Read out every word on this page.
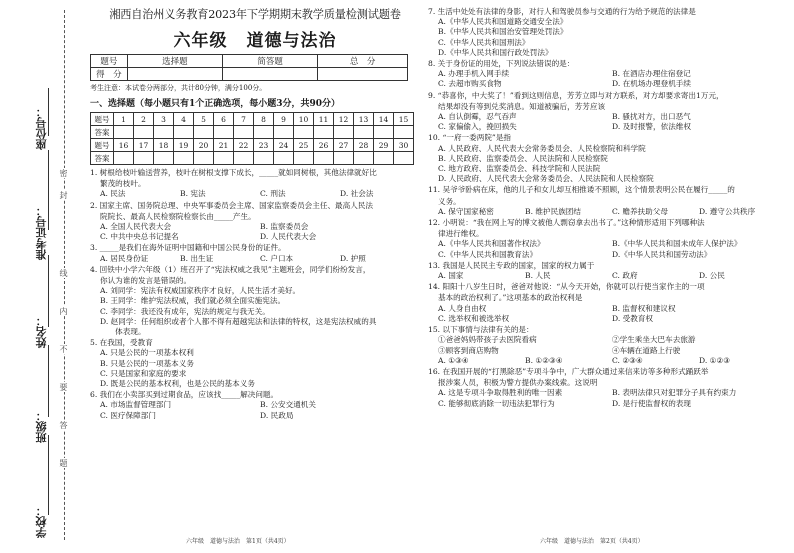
座位号：
准考证号：
姓名：
班级：
学校：
密
封
线
内
不
要
答
题
湘西自治州义务教育2023年下学期期末教学质量检测试题卷
六年级 道德与法治
题号	选择题	简答题	总　分
得　分			
考生注意：本试卷分两部分，共计80分钟，满分100分。
一、选择题（每小题只有1个正确选项，每小题3分，共90分）
题号	1	2	3	4	5	6	7	8	9	10	11	12	13	14	15
答案															
题号	16	17	18	19	20	21	22	23	24	25	26	27	28	29	30
答案															
1. 树根给枝叶输送营养，枝叶在树根支撑下成长，_____就如同树根，其他法律就好比
繁茂的枝叶。
A. 民法	B. 宪法	C. 刑法	D. 社会法
2. 国家主席、国务院总理、中央军事委员会主席、国家监察委员会主任、最高人民法
院院长、最高人民检察院检察长由_____产生。
A. 全国人民代表大会	B. 监察委员会
C. 中共中央总书记提名	D. 人民代表大会
3. _____是我们在海外证明中国籍和中国公民身份的证件。
A. 居民身份证	B. 出生证	C. 户口本	D. 护照
4. 回铁中小学六年级（1）班召开了“宪法权威之我见”主题班会，同学们纷纷发言，
你认为谁的发言是错误的。
A. 刘同学：宪法有权威国家秩序才良好，人民生活才美好。
B. 王同学：维护宪法权威，我们就必须全面实施宪法。
C. 李同学：我还没有成年，宪法的规定与我无关。
D. 赵同学：任何组织或者个人都不得有超越宪法和法律的特权，这是宪法权威的具
　　体表现。
5. 在我国，受教育
A. 只是公民的一项基本权利
B. 只是公民的一项基本义务
C. 只是国家和家庭的要求
D. 既是公民的基本权利，也是公民的基本义务
6. 我们在小卖部买到过期食品，应该找_____解决问题。
A. 市场监督管理部门	B. 公安交通机关
C. 医疗保障部门	D. 民政局
7. 生活中处处有法律的身影，对行人和驾驶员参与交通的行为给予规范的法律是
A.《中华人民共和国道路交通安全法》
B.《中华人民共和国治安管理处罚法》
C.《中华人民共和国刑法》
D.《中华人民共和国行政处罚法》
8. 关于身份证的用处，下列说法错误的是：
A. 办理手机入网手续	B. 在酒店办理住宿登记
C. 去超市购买食物	D. 在机场办理登机手续
9. “恭喜你，中大奖了！”看到这则信息，芳芳立即与对方联系，对方却要求寄出1万元，
结果却没有等到兑奖消息。知道被骗后，芳芳应该
A. 自认倒霉，忍气吞声	B. 骚扰对方，出口恶气
C. 家偏偷入，挽回损失	D. 及时报警，依法维权
10. “一府一委两院”是指
A. 人民政府、人民代表大会常务委员会、人民检察院和科学院
B. 人民政府、监察委员会、人民法院和人民检察院
C. 地方政府、监察委员会、科技学院和人民法院
D. 人民政府、人民代表大会常务委员会、人民法院和人民检察院
11. 吴爷爷卧病在床，他的儿子和女儿却互相推诿不照顾，这个情景表明公民在履行_____的
义务。
A. 保守国家秘密	B. 维护民族团结	C. 赡养扶助父母	D. 遵守公共秩序
12. 小明说：“我在网上写的博文被他人剽窃拿去出书了。”这种情形适用下列哪种法
律进行维权。
A.《中华人民共和国著作权法》	B.《中华人民共和国未成年人保护法》
C.《中华人民共和国教育法》	D.《中华人民共和国劳动法》
13. 我国是人民民主专政的国家，国家的权力属于
A. 国家	B. 人民	C. 政府	D. 公民
14. 阳阳十八岁生日时，爸爸对他说：“从今天开始，你就可以行使当家作主的一项
基本的政治权利了。”这项基本的政治权利是
A. 人身自由权	B. 监督权和建议权
C. 选举权和被选举权	D. 受教育权
15. 以下事情与法律有关的是：
①爸爸妈妈带孩子去医院看病	②学生乘坐大巴车去旅游
③顾客到商店购物	④车辆在道路上行驶
A. ①③④	B. ①②③④	C. ②③④	D. ①②③
16. 在我国开展的“打黑除恶”专项斗争中，广大群众通过来信来访等多种形式踊跃举
报涉案人员，积极为警方提供办案线索。这说明
A. 这是专项斗争取得胜利的唯一因素	B. 表明法律只对犯罪分子具有约束力
C. 能够彻底消除一切违法犯罪行为	D. 是行使监督权的表现
六年级　道德与法治　第1页（共4页）	六年级　道德与法治　第2页（共4页）
